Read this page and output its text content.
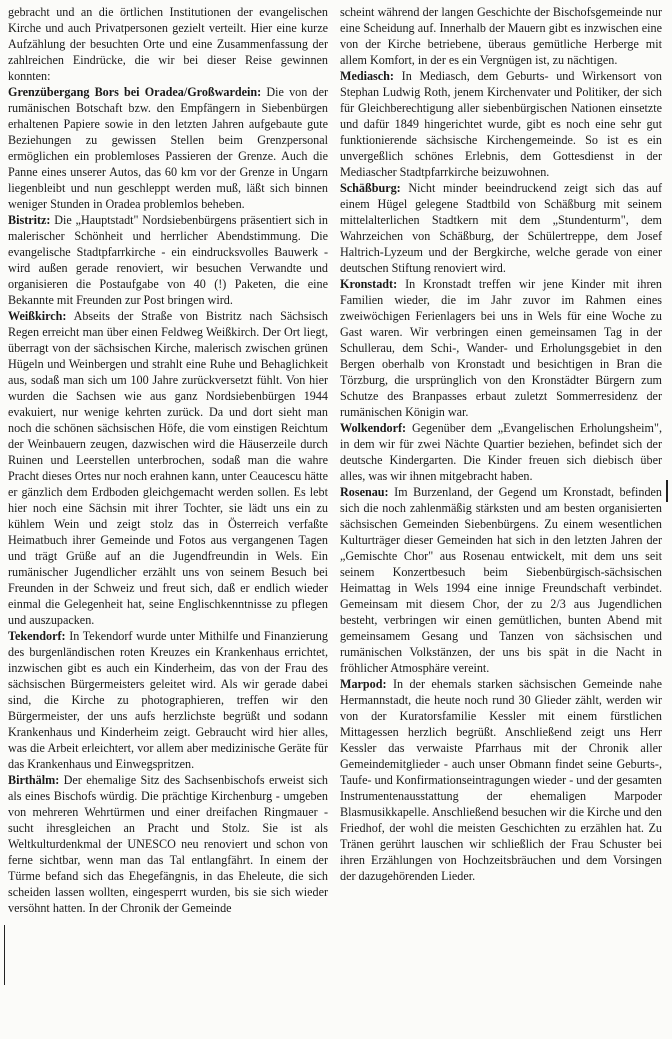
gebracht und an die örtlichen Institutionen der evangelischen Kirche und auch Privatpersonen gezielt verteilt. Hier eine kurze Aufzählung der besuchten Orte und eine Zusammenfassung der zahlreichen Eindrücke, die wir bei dieser Reise gewinnen konnten:

Grenzübergang Bors bei Oradea/Großwardein: Die von der rumänischen Botschaft bzw. den Empfängern in Siebenbürgen erhaltenen Papiere sowie in den letzten Jahren aufgebaute gute Beziehungen zu gewissen Stellen beim Grenzpersonal ermöglichen ein problemloses Passieren der Grenze. Auch die Panne eines unserer Autos, das 60 km vor der Grenze in Ungarn liegenbleibt und nun geschleppt werden muß, läßt sich binnen weniger Stunden in Oradea problemlos beheben.

Bistritz: Die „Hauptstadt" Nordsiebenbürgens präsentiert sich in malerischer Schönheit und herrlicher Abendstimmung. Die evangelische Stadtpfarrkirche - ein eindrucksvolles Bauwerk - wird außen gerade renoviert, wir besuchen Verwandte und organisieren die Postaufgabe von 40 (!) Paketen, die eine Bekannte mit Freunden zur Post bringen wird.

Weißkirch: Abseits der Straße von Bistritz nach Sächsisch Regen erreicht man über einen Feldweg Weißkirch. Der Ort liegt, überragt von der sächsischen Kirche, malerisch zwischen grünen Hügeln und Weinbergen und strahlt eine Ruhe und Behaglichkeit aus, sodaß man sich um 100 Jahre zurückversetzt fühlt. Von hier wurden die Sachsen wie aus ganz Nordsiebenbürgen 1944 evakuiert, nur wenige kehrten zurück. Da und dort sieht man noch die schönen sächsischen Höfe, die vom einstigen Reichtum der Weinbauern zeugen, dazwischen wird die Häuserzeile durch Ruinen und Leerstellen unterbrochen, sodaß man die wahre Pracht dieses Ortes nur noch erahnen kann, unter Ceaucescu hätte er gänzlich dem Erdboden gleichgemacht werden sollen. Es lebt hier noch eine Sächsin mit ihrer Tochter, sie lädt uns ein zu kühlem Wein und zeigt stolz das in Österreich verfaßte Heimatbuch ihrer Gemeinde und Fotos aus vergangenen Tagen und trägt Grüße auf an die Jugendfreundin in Wels. Ein rumänischer Jugendlicher erzählt uns von seinem Besuch bei Freunden in der Schweiz und freut sich, daß er endlich wieder einmal die Gelegenheit hat, seine Englischkenntnisse zu pflegen und auszupacken.

Tekendorf: In Tekendorf wurde unter Mithilfe und Finanzierung des burgenländischen roten Kreuzes ein Krankenhaus errichtet, inzwischen gibt es auch ein Kinderheim, das von der Frau des sächsischen Bürgermeisters geleitet wird. Als wir gerade dabei sind, die Kirche zu photographieren, treffen wir den Bürgermeister, der uns aufs herzlichste begrüßt und sodann Krankenhaus und Kinderheim zeigt. Gebraucht wird hier alles, was die Arbeit erleichtert, vor allem aber medizinische Geräte für das Krankenhaus und Einwegspritzen.

Birthälm: Der ehemalige Sitz des Sachsenbischofs erweist sich als eines Bischofs würdig. Die prächtige Kirchenburg - umgeben von mehreren Wehrtürmen und einer dreifachen Ringmauer - sucht ihresgleichen an Pracht und Stolz. Sie ist als Weltkulturdenkmal der UNESCO neu renoviert und schon von ferne sichtbar, wenn man das Tal entlangfährt. In einem der Türme befand sich das Ehegefängnis, in das Eheleute, die sich scheiden lassen wollten, eingesperrt wurden, bis sie sich wieder versöhnt hatten. In der Chronik der Gemeinde

scheint während der langen Geschichte der Bischofsgemeinde nur eine Scheidung auf. Innerhalb der Mauern gibt es inzwischen eine von der Kirche betriebene, überaus gemütliche Herberge mit allem Komfort, in der es ein Vergnügen ist, zu nächtigen.

Mediasch: In Mediasch, dem Geburts- und Wirkensort von Stephan Ludwig Roth, jenem Kirchenvater und Politiker, der sich für Gleichberechtigung aller siebenbürgischen Nationen einsetzte und dafür 1849 hingerichtet wurde, gibt es noch eine sehr gut funktionierende sächsische Kirchengemeinde. So ist es ein unvergeßlich schönes Erlebnis, dem Gottesdienst in der Mediascher Stadtpfarrkirche beizuwohnen.

Schäßburg: Nicht minder beeindruckend zeigt sich das auf einem Hügel gelegene Stadtbild von Schäßburg mit seinem mittelalterlichen Stadtkern mit dem „Stundenturm", dem Wahrzeichen von Schäßburg, der Schülertreppe, dem Josef Haltrich-Lyzeum und der Bergkirche, welche gerade von einer deutschen Stiftung renoviert wird.

Kronstadt: In Kronstadt treffen wir jene Kinder mit ihren Familien wieder, die im Jahr zuvor im Rahmen eines zweiwöchigen Ferienlagers bei uns in Wels für eine Woche zu Gast waren. Wir verbringen einen gemeinsamen Tag in der Schullerau, dem Schi-, Wander- und Erholungsgebiet in den Bergen oberhalb von Kronstadt und besichtigen in Bran die Törzburg, die ursprünglich von den Kronstädter Bürgern zum Schutze des Branpasses erbaut zuletzt Sommerresidenz der rumänischen Königin war.

Wolkendorf: Gegenüber dem „Evangelischen Erholungsheim", in dem wir für zwei Nächte Quartier beziehen, befindet sich der deutsche Kindergarten. Die Kinder freuen sich diebisch über alles, was wir ihnen mitgebracht haben.

Rosenau: Im Burzenland, der Gegend um Kronstadt, befinden sich die noch zahlenmäßig stärksten und am besten organisierten sächsischen Gemeinden Siebenbürgens. Zu einem wesentlichen Kulturträger dieser Gemeinden hat sich in den letzten Jahren der „Gemischte Chor" aus Rosenau entwickelt, mit dem uns seit seinem Konzertbesuch beim Siebenbürgisch-sächsischen Heimattag in Wels 1994 eine innige Freundschaft verbindet. Gemeinsam mit diesem Chor, der zu 2/3 aus Jugendlichen besteht, verbringen wir einen gemütlichen, bunten Abend mit gemeinsamem Gesang und Tanzen von sächsischen und rumänischen Volkstänzen, der uns bis spät in die Nacht in fröhlicher Atmosphäre vereint.

Marpod: In der ehemals starken sächsischen Gemeinde nahe Hermannstadt, die heute noch rund 30 Glieder zählt, werden wir von der Kuratorsfamilie Kessler mit einem fürstlichen Mittagessen herzlich begrüßt. Anschließend zeigt uns Herr Kessler das verwaiste Pfarrhaus mit der Chronik aller Gemeindemitglieder - auch unser Obmann findet seine Geburts-, Taufe- und Konfirmationseintragungen wieder - und der gesamten Instrumentenausstattung der ehemaligen Marpoder Blasmusikkapelle. Anschließend besuchen wir die Kirche und den Friedhof, der wohl die meisten Geschichten zu erzählen hat. Zu Tränen gerührt lauschen wir schließlich der Frau Schuster bei ihren Erzählungen von Hochzeitsbräuchen und dem Vorsingen der dazugehörenden Lieder.
